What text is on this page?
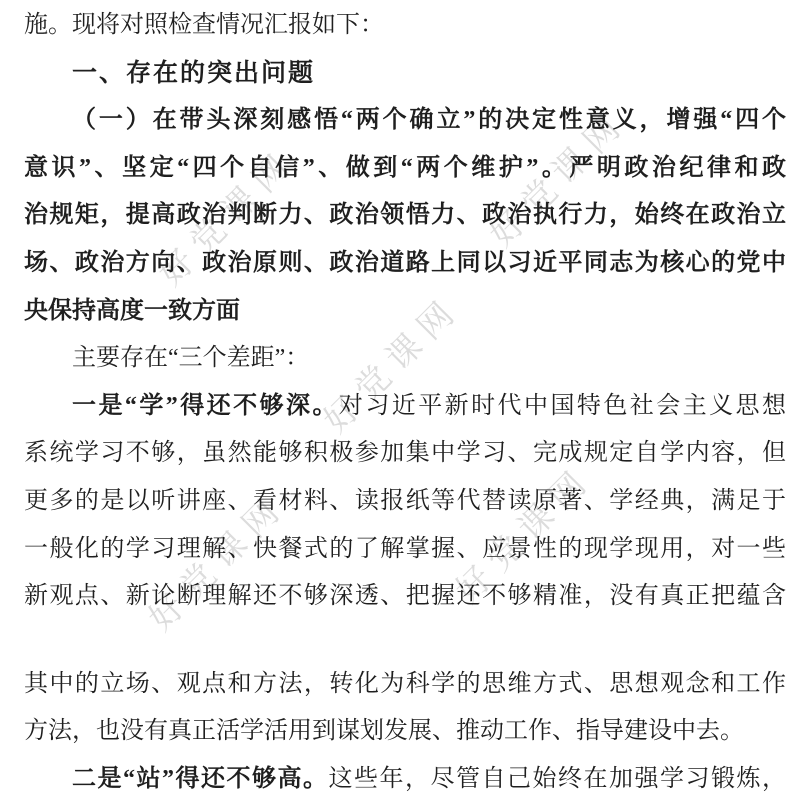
好党课网
好党课网
好党课网	好党课网
好党课网
施。现将对照检查情况汇报如下：
一、存在的突出问题
（一）在带头深刻感悟“两个确立”的决定性意义，增强“四个
意识”、坚定“四个自信”、做到“两个维护”。严明政治纪律和政
治规矩，提高政治判断力、政治领悟力、政治执行力，始终在政治立
场、政治方向、政治原则、政治道路上同以习近平同志为核心的党中
央保持高度一致方面
主要存在“三个差距”：
一是“学”得还不够深。对习近平新时代中国特色社会主义思想
系统学习不够，虽然能够积极参加集中学习、完成规定自学内容，但
更多的是以听讲座、看材料、读报纸等代替读原著、学经典，满足于
一般化的学习理解、快餐式的了解掌握、应景性的现学现用，对一些
新观点、新论断理解还不够深透、把握还不够精准，没有真正把蕴含
其中的立场、观点和方法，转化为科学的思维方式、思想观念和工作
方法，也没有真正活学活用到谋划发展、推动工作、指导建设中去。
二是“站”得还不够高。这些年，尽管自己始终在加强学习锻炼，
